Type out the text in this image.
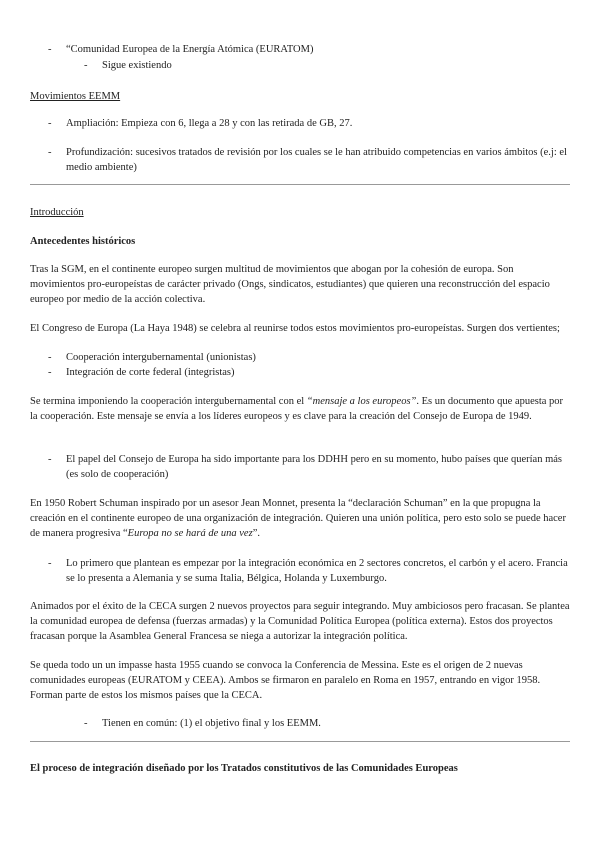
-	“Comunidad Europea de la Energía Atómica (EURATOM)
-	Sigue existiendo
Movimientos EEMM
-	Ampliación: Empieza con 6, llega a 28 y con las retirada de GB, 27.
-	Profundización: sucesivos tratados de revisión por los cuales se le han atribuido competencias en varios ámbitos (e.j: el medio ambiente)
Introducción
Antecedentes históricos

Tras la SGM, en el continente europeo surgen multitud de movimientos que abogan por la cohesión de europa. Son movimientos pro-europeístas de carácter privado (Ongs, sindicatos, estudiantes) que quieren una reconstrucción del espacio europeo por medio de la acción colectiva.

El Congreso de Europa (La Haya 1948) se celebra al reunirse todos estos movimientos pro-europeístas. Surgen dos vertientes;

-	Cooperación intergubernamental (unionistas)
-	Integración de corte federal (integristas)

Se termina imponiendo la cooperación intergubernamental con el “mensaje a los europeos”. Es un documento que apuesta por la cooperación. Este mensaje se envía a los líderes europeos y es clave para la creación del Consejo de Europa de 1949.

-	El papel del Consejo de Europa ha sido importante para los DDHH pero en su momento, hubo países que querían más (es solo de cooperación)

En 1950 Robert Schuman inspirado por un asesor Jean Monnet, presenta la “declaración Schuman” en la que propugna la creación en el continente europeo de una organización de integración. Quieren una unión política, pero esto solo se puede hacer de manera progresiva “Europa no se hará de una vez”.

-	Lo primero que plantean es empezar por la integración económica en 2 sectores concretos, el carbón y el acero. Francia se lo presenta a Alemania y se suma Italia, Bélgica, Holanda y Luxemburgo.

Animados por el éxito de la CECA surgen 2 nuevos proyectos para seguir integrando. Muy ambiciosos pero fracasan. Se plantea la comunidad europea de defensa (fuerzas armadas) y la Comunidad Política Europea (política externa). Estos dos proyectos fracasan porque la Asamblea General Francesa se niega a autorizar la integración política.

Se queda todo un un impasse hasta 1955 cuando se convoca la Conferencia de Messina. Este es el origen de 2 nuevas comunidades europeas (EURATOM y CEEA). Ambos se firmaron en paralelo en Roma en 1957, entrando en vigor 1958. Forman parte de estos los mismos países que la CECA.

-	Tienen en común: (1) el objetivo final y los EEMM.
El proceso de integración diseñado por los Tratados constitutivos de las Comunidades Europeas
